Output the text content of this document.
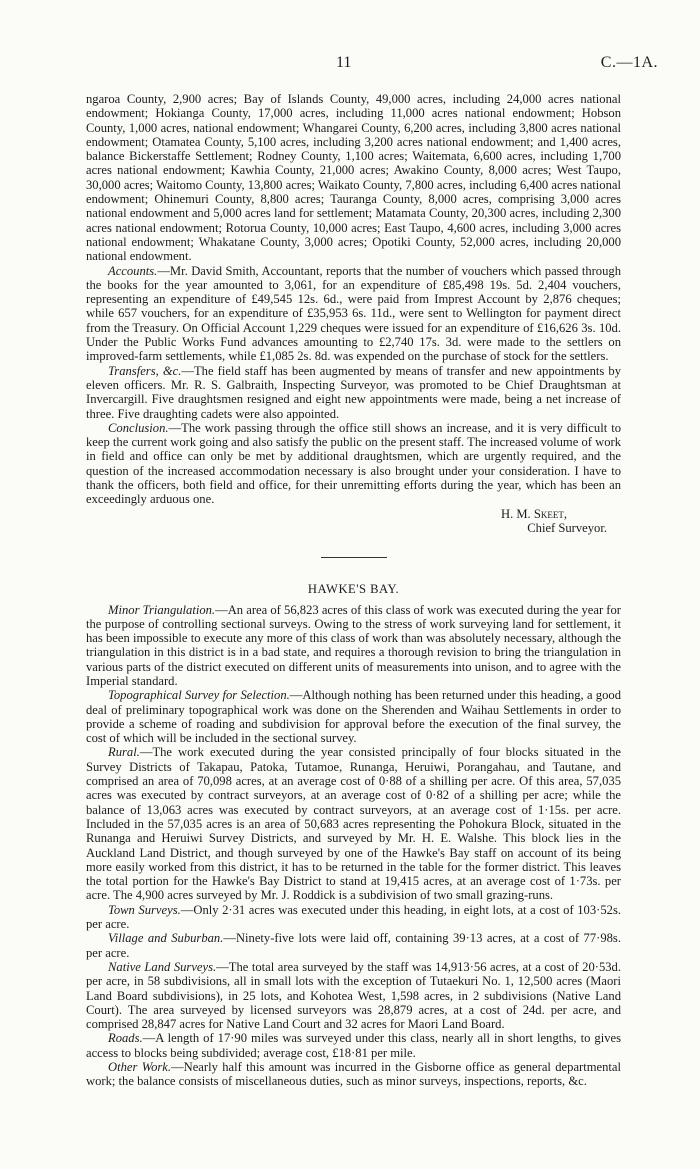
11	C.—1A.

ngaroa County, 2,900 acres; Bay of Islands County, 49,000 acres, including 24,000 acres national endowment; Hokianga County, 17,000 acres, including 11,000 acres national endowment; Hobson County, 1,000 acres, national endowment; Whangarei County, 6,200 acres, including 3,800 acres national endowment; Otamatea County, 5,100 acres, including 3,200 acres national endowment; and 1,400 acres, balance Bickerstaffe Settlement; Rodney County, 1,100 acres; Waitemata, 6,600 acres, including 1,700 acres national endowment; Kawhia County, 21,000 acres; Awakino County, 8,000 acres; West Taupo, 30,000 acres; Waitomo County, 13,800 acres; Waikato County, 7,800 acres, including 6,400 acres national endowment; Ohinemuri County, 8,800 acres; Tauranga County, 8,000 acres, comprising 3,000 acres national endowment and 5,000 acres land for settlement; Matamata County, 20,300 acres, including 2,300 acres national endowment; Rotorua County, 10,000 acres; East Taupo, 4,600 acres, including 3,000 acres national endowment; Whakatane County, 3,000 acres; Opotiki County, 52,000 acres, including 20,000 national endowment.

Accounts.—Mr. David Smith, Accountant, reports that the number of vouchers which passed through the books for the year amounted to 3,061, for an expenditure of £85,498 19s. 5d. 2,404 vouchers, representing an expenditure of £49,545 12s. 6d., were paid from Imprest Account by 2,876 cheques; while 657 vouchers, for an expenditure of £35,953 6s. 11d., were sent to Wellington for payment direct from the Treasury. On Official Account 1,229 cheques were issued for an expenditure of £16,626 3s. 10d. Under the Public Works Fund advances amounting to £2,740 17s. 3d. were made to the settlers on improved-farm settlements, while £1,085 2s. 8d. was expended on the purchase of stock for the settlers.

Transfers, &c.—The field staff has been augmented by means of transfer and new appointments by eleven officers. Mr. R. S. Galbraith, Inspecting Surveyor, was promoted to be Chief Draughtsman at Invercargill. Five draughtsmen resigned and eight new appointments were made, being a net increase of three. Five draughting cadets were also appointed.

Conclusion.—The work passing through the office still shows an increase, and it is very difficult to keep the current work going and also satisfy the public on the present staff. The increased volume of work in field and office can only be met by additional draughtsmen, which are urgently required, and the question of the increased accommodation necessary is also brought under your consideration. I have to thank the officers, both field and office, for their unremitting efforts during the year, which has been an exceedingly arduous one.

H. M. Skeet,

Chief Surveyor.

HAWKE'S BAY.

Minor Triangulation.—An area of 56,823 acres of this class of work was executed during the year for the purpose of controlling sectional surveys. Owing to the stress of work surveying land for settlement, it has been impossible to execute any more of this class of work than was absolutely necessary, although the triangulation in this district is in a bad state, and requires a thorough revision to bring the triangulation in various parts of the district executed on different units of measurements into unison, and to agree with the Imperial standard.

Topographical Survey for Selection.—Although nothing has been returned under this heading, a good deal of preliminary topographical work was done on the Sherenden and Waihau Settlements in order to provide a scheme of roading and subdivision for approval before the execution of the final survey, the cost of which will be included in the sectional survey.

Rural.—The work executed during the year consisted principally of four blocks situated in the Survey Districts of Takapau, Patoka, Tutamoe, Runanga, Heruiwi, Porangahau, and Tautane, and comprised an area of 70,098 acres, at an average cost of 0·88 of a shilling per acre. Of this area, 57,035 acres was executed by contract surveyors, at an average cost of 0·82 of a shilling per acre; while the balance of 13,063 acres was executed by contract surveyors, at an average cost of 1·15s. per acre. Included in the 57,035 acres is an area of 50,683 acres representing the Pohokura Block, situated in the Runanga and Heruiwi Survey Districts, and surveyed by Mr. H. E. Walshe. This block lies in the Auckland Land District, and though surveyed by one of the Hawke's Bay staff on account of its being more easily worked from this district, it has to be returned in the table for the former district. This leaves the total portion for the Hawke's Bay District to stand at 19,415 acres, at an average cost of 1·73s. per acre. The 4,900 acres surveyed by Mr. J. Roddick is a subdivision of two small grazing-runs.

Town Surveys.—Only 2·31 acres was executed under this heading, in eight lots, at a cost of 103·52s. per acre.

Village and Suburban.—Ninety-five lots were laid off, containing 39·13 acres, at a cost of 77·98s. per acre.

Native Land Surveys.—The total area surveyed by the staff was 14,913·56 acres, at a cost of 20·53d. per acre, in 58 subdivisions, all in small lots with the exception of Tutaekuri No. 1, 12,500 acres (Maori Land Board subdivisions), in 25 lots, and Kohotea West, 1,598 acres, in 2 subdivisions (Native Land Court). The area surveyed by licensed surveyors was 28,879 acres, at a cost of 24d. per acre, and comprised 28,847 acres for Native Land Court and 32 acres for Maori Land Board.

Roads.—A length of 17·90 miles was surveyed under this class, nearly all in short lengths, to gives access to blocks being subdivided; average cost, £18·81 per mile.

Other Work.—Nearly half this amount was incurred in the Gisborne office as general departmental work; the balance consists of miscellaneous duties, such as minor surveys, inspections, reports, &c.
